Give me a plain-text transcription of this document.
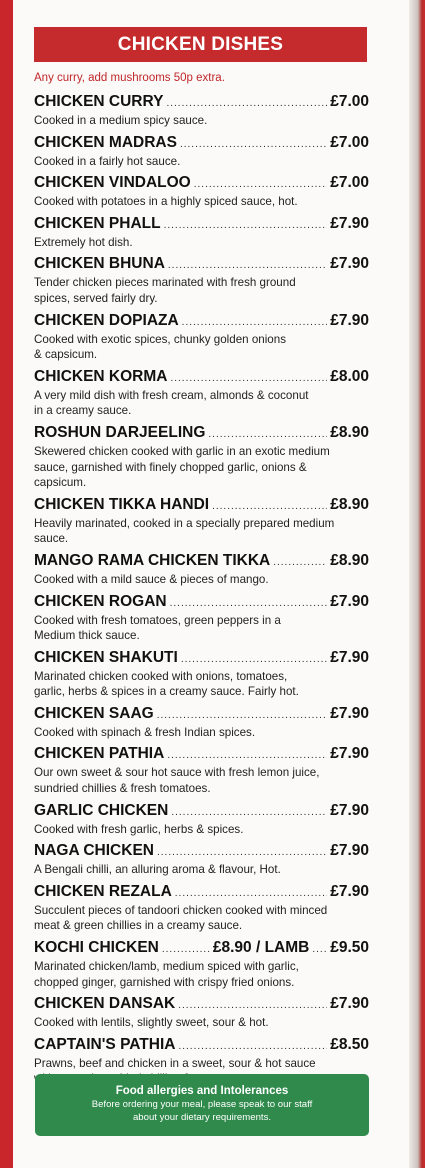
CHICKEN DISHES
Any curry, add mushrooms 50p extra.
CHICKEN CURRY .....	£7.00
Cooked in a medium spicy sauce.
CHICKEN MADRAS .....	£7.00
Cooked in a fairly hot sauce.
CHICKEN VINDALOO .....	£7.00
Cooked with potatoes in a highly spiced sauce, hot.
CHICKEN PHALL .....	£7.90
Extremely hot dish.
CHICKEN BHUNA .....	£7.90
Tender chicken pieces marinated with fresh ground
spices, served fairly dry.
CHICKEN DOPIAZA .....	£7.90
Cooked with exotic spices, chunky golden onions
& capsicum.
CHICKEN KORMA .....	£8.00
A very mild dish with fresh cream, almonds & coconut
in a creamy sauce.
ROSHUN DARJEELING .....	£8.90
Skewered chicken cooked with garlic in an exotic medium
sauce, garnished with finely chopped garlic, onions &
capsicum.
CHICKEN TIKKA HANDI .....	£8.90
Heavily marinated, cooked in a specially prepared medium
sauce.
MANGO RAMA CHICKEN TIKKA .....	£8.90
Cooked with a mild sauce & pieces of mango.
CHICKEN ROGAN .....	£7.90
Cooked with fresh tomatoes, green peppers in a
Medium thick sauce.
CHICKEN SHAKUTI .....	£7.90
Marinated chicken cooked with onions, tomatoes,
garlic, herbs & spices in a creamy sauce. Fairly hot.
CHICKEN SAAG .....	£7.90
Cooked with spinach & fresh Indian spices.
CHICKEN PATHIA .....	£7.90
Our own sweet & sour hot sauce with fresh lemon juice,
sundried chillies & fresh tomatoes.
GARLIC CHICKEN .....	£7.90
Cooked with fresh garlic, herbs & spices.
NAGA CHICKEN .....	£7.90
A Bengali chilli, an alluring aroma & flavour, Hot.
CHICKEN REZALA .....	£7.90
Succulent pieces of tandoori chicken cooked with minced
meat & green chillies in a creamy sauce.
KOCHI CHICKEN .....	£8.90 / LAMB ..... £9.50
Marinated chicken/lamb, medium spiced with garlic,
chopped ginger, garnished with crispy fried onions.
CHICKEN DANSAK .....	£7.90
Cooked with lentils, slightly sweet, sour & hot.
CAPTAIN'S PATHIA .....	£8.50
Prawns, beef and chicken in a sweet, sour & hot sauce
Food allergies and Intolerances
Before ordering your meal, please speak to our staff
about your dietary requirements.
